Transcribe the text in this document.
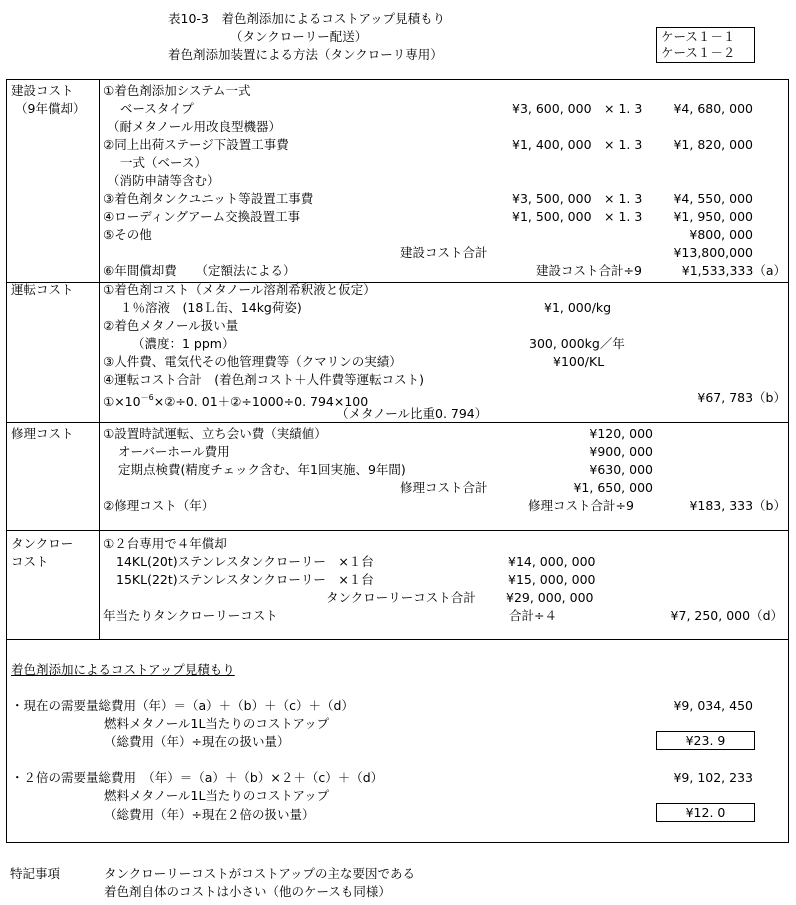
表10-3　着色剤添加によるコストアップ見積もり
（タンクローリー配送）
着色剤添加装置による方法（タンクローリ専用）
ケース１－１
ケース１－２
建設コスト
（9年償却）
①着色剤添加システム一式
ベースタイプ	¥3, 600, 000　× 1. 3 ¥4, 680, 000
（耐メタノール用改良型機器）
②同上出荷ステージ下設置工事費	¥1, 400, 000　× 1. 3 ¥1, 820, 000
一式（ベース）
（消防申請等含む）
③着色剤タンクユニット等設置工事費	¥3, 500, 000　× 1. 3 ¥4, 550, 000
④ローディングアーム交換設置工事	¥1, 500, 000　× 1. 3 ¥1, 950, 000
⑤その他	¥800, 000
建設コスト合計	¥13,800,000
⑥年間償却費　　（定額法による）	建設コスト合計÷9	¥1,533,333（a）
運転コスト ①着色剤コスト（メタノール溶剤希釈液と仮定）
１％溶液　(18Ｌ缶、14kg荷姿)	¥1, 000/kg
②着色メタノール扱い量
（濃度：1 ppm）	300, 000kg／年
③人件費、電気代その他管理費等（クマリンの実績）	¥100/KL
④運転コスト合計　(着色剤コスト＋人件費等運転コスト)
$①\times 10^{-6}\times ②\div 0$. 01＋②÷1000÷0. 794×100	¥67, 783（b）
（メタノール比重0. 794）
修理コスト ①設置時試運転、立ち会い費（実績値）	¥120, 000
オーバーホール費用	¥900, 000
定期点検費(精度チェック含む、年1回実施、9年間)	¥630, 000
修理コスト合計	¥1, 650, 000
②修理コスト（年）	修理コスト合計÷9	¥183, 333（b）
タンクロー
コスト
①２台専用で４年償却
14KL(20t)ステンレスタンクローリー　×１台	¥14, 000, 000
15KL(22t)ステンレスタンクローリー　×１台	¥15, 000, 000
タンクローリーコスト合計 ¥29, 000, 000
年当たりタンクローリーコスト	合計÷４	¥7, 250, 000（d）
着色剤添加によるコストアップ見積もり
・現在の需要量総費用（年）＝（a）＋（b）＋（c）＋（d）	¥9, 034, 450
燃料メタノール1L当たりのコストアップ
（総費用（年）÷現在の扱い量）	¥23. 9
・２倍の需要量総費用　（年）＝（a）＋（b）×２＋（c）＋（d）	¥9, 102, 233
燃料メタノール1L当たりのコストアップ
（総費用（年）÷現在２倍の扱い量）	¥12. 0
特記事項	タンクローリーコストがコストアップの主な要因である
着色剤自体のコストは小さい（他のケースも同様）
